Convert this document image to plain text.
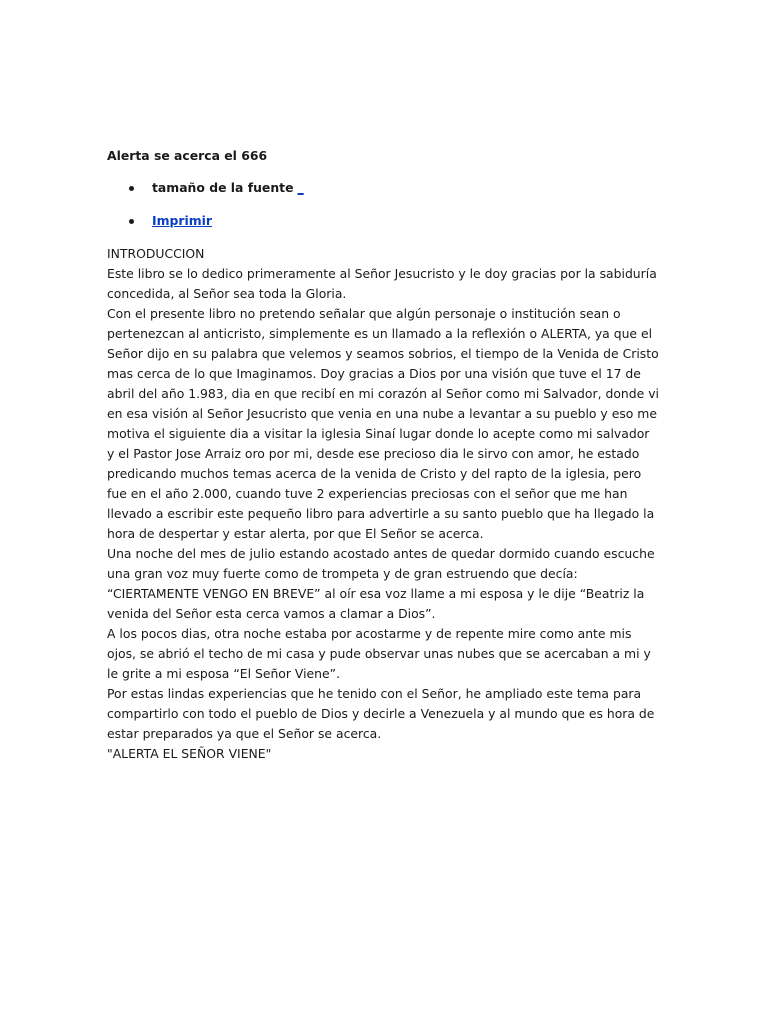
Alerta se acerca el 666

tamaño de la fuente _
Imprimir

INTRODUCCION

Este libro se lo dedico primeramente al Señor Jesucristo y le doy gracias por la sabiduría concedida, al Señor sea toda la Gloria.

Con el presente libro no pretendo señalar que algún personaje o institución sean o pertenezcan al anticristo, simplemente es un llamado a la reflexión o ALERTA, ya que el Señor dijo en su palabra que velemos y seamos sobrios, el tiempo de la Venida de Cristo mas cerca de lo que Imaginamos. Doy gracias a Dios por una visión que tuve el 17 de abril del año 1.983, dia en que recibí en mi corazón al Señor como mi Salvador, donde vi en esa visión al Señor Jesucristo que venia en una nube a levantar a su pueblo y eso me motiva el siguiente dia a visitar la iglesia Sinaí lugar donde lo acepte como mi salvador y el Pastor Jose Arraiz oro por mi, desde ese precioso dia le sirvo con amor, he estado predicando muchos temas acerca de la venida de Cristo y del rapto de la iglesia, pero fue en el año 2.000, cuando tuve 2 experiencias preciosas con el señor que me han llevado a escribir este pequeño libro para advertirle a su santo pueblo que ha llegado la hora de despertar y estar alerta, por que El Señor se acerca.

Una noche del mes de julio estando acostado antes de quedar dormido cuando escuche una gran voz muy fuerte como de trompeta y de gran estruendo que decía: “CIERTAMENTE VENGO EN BREVE” al oír esa voz llame a mi esposa y le dije “Beatriz la venida del Señor esta cerca vamos a clamar a Dios”.

A los pocos dias, otra noche estaba por acostarme y de repente mire como ante mis ojos, se abrió el techo de mi casa y pude observar unas nubes que se acercaban a mi y le grite a mi esposa “El Señor Viene”.

Por estas lindas experiencias que he tenido con el Señor, he ampliado este tema para compartirlo con todo el pueblo de Dios y decirle a Venezuela y al mundo que es hora de estar preparados ya que el Señor se acerca.

"ALERTA EL SEÑOR VIENE"
